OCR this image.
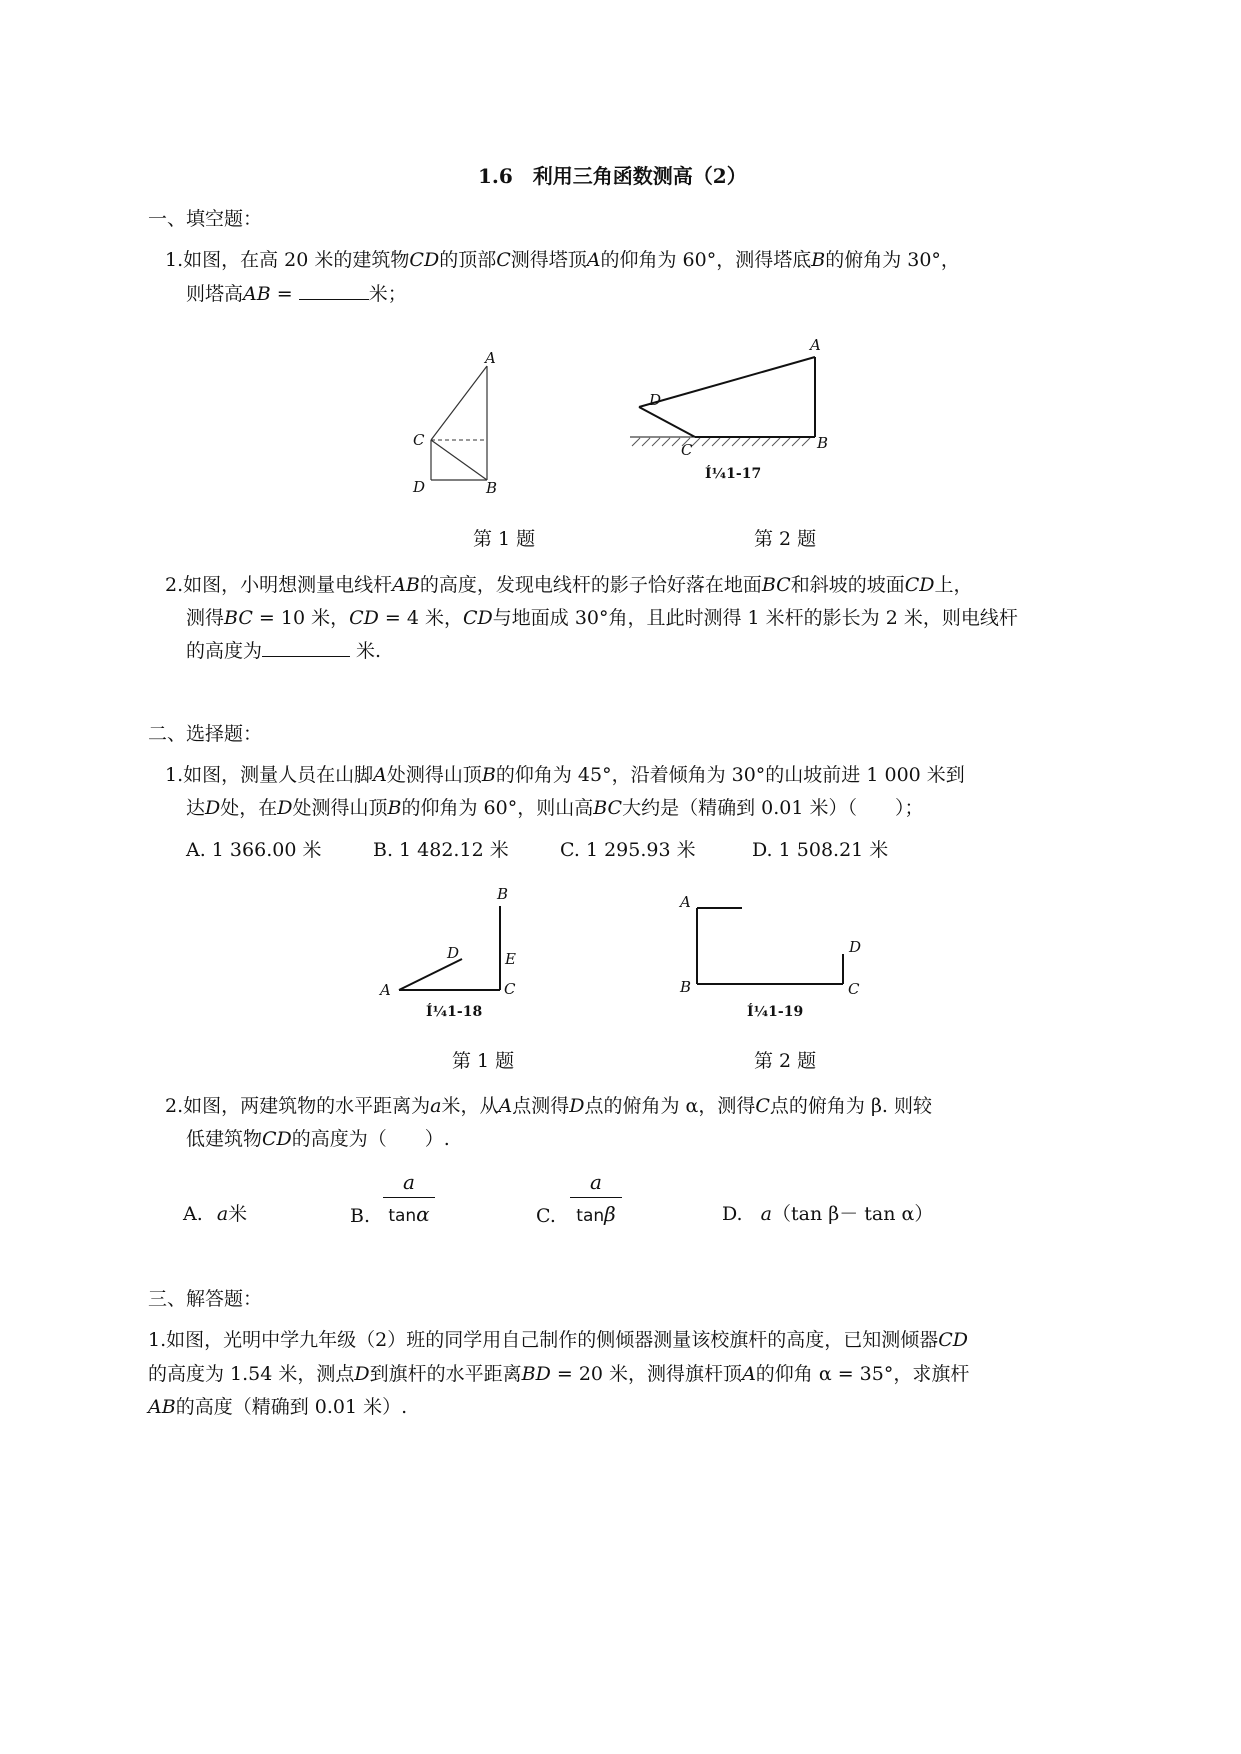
1.6　利用三角函数测高（2）
一、填空题：
1.如图，在高 20 米的建筑物CD的顶部C测得塔顶A的仰角为 60°，测得塔底B的俯角为 30°，
则塔高AB =	米；
A
C
D	B
A
D
C	B
Í¼1-17
第 1 题	第 2 题
2.如图，小明想测量电线杆AB的高度，发现电线杆的影子恰好落在地面BC和斜坡的坡面CD上，
测得BC = 10 米，CD = 4 米，CD与地面成 30°角，且此时测得 1 米杆的影长为 2 米，则电线杆
的高度为	米.
二、选择题：
1.如图，测量人员在山脚A处测得山顶B的仰角为 45°，沿着倾角为 30°的山坡前进 1 000 米到
达D处，在D处测得山顶B的仰角为 60°，则山高BC大约是（精确到 0.01 米）（　　）；
A. 1 366.00 米	B. 1 482.12 米	C. 1 295.93 米	D. 1 508.21 米
B
D	E
A	C
Í¼1-18
A
D
B	C
Í¼1-19
第 1 题	第 2 题
2.如图，两建筑物的水平距离为a米，从A点测得D点的俯角为 α，测得C点的俯角为 β. 则较
低建筑物CD的高度为（　　）.
A. a米	B.
a
tanα	C.
a
tanβ	D. a（tan β－ tan α）
三、解答题：
1.如图，光明中学九年级（2）班的同学用自己制作的侧倾器测量该校旗杆的高度，已知测倾器CD
的高度为 1.54 米，测点D到旗杆的水平距离BD = 20 米，测得旗杆顶A的仰角 α = 35°，求旗杆
AB的高度（精确到 0.01 米）.
